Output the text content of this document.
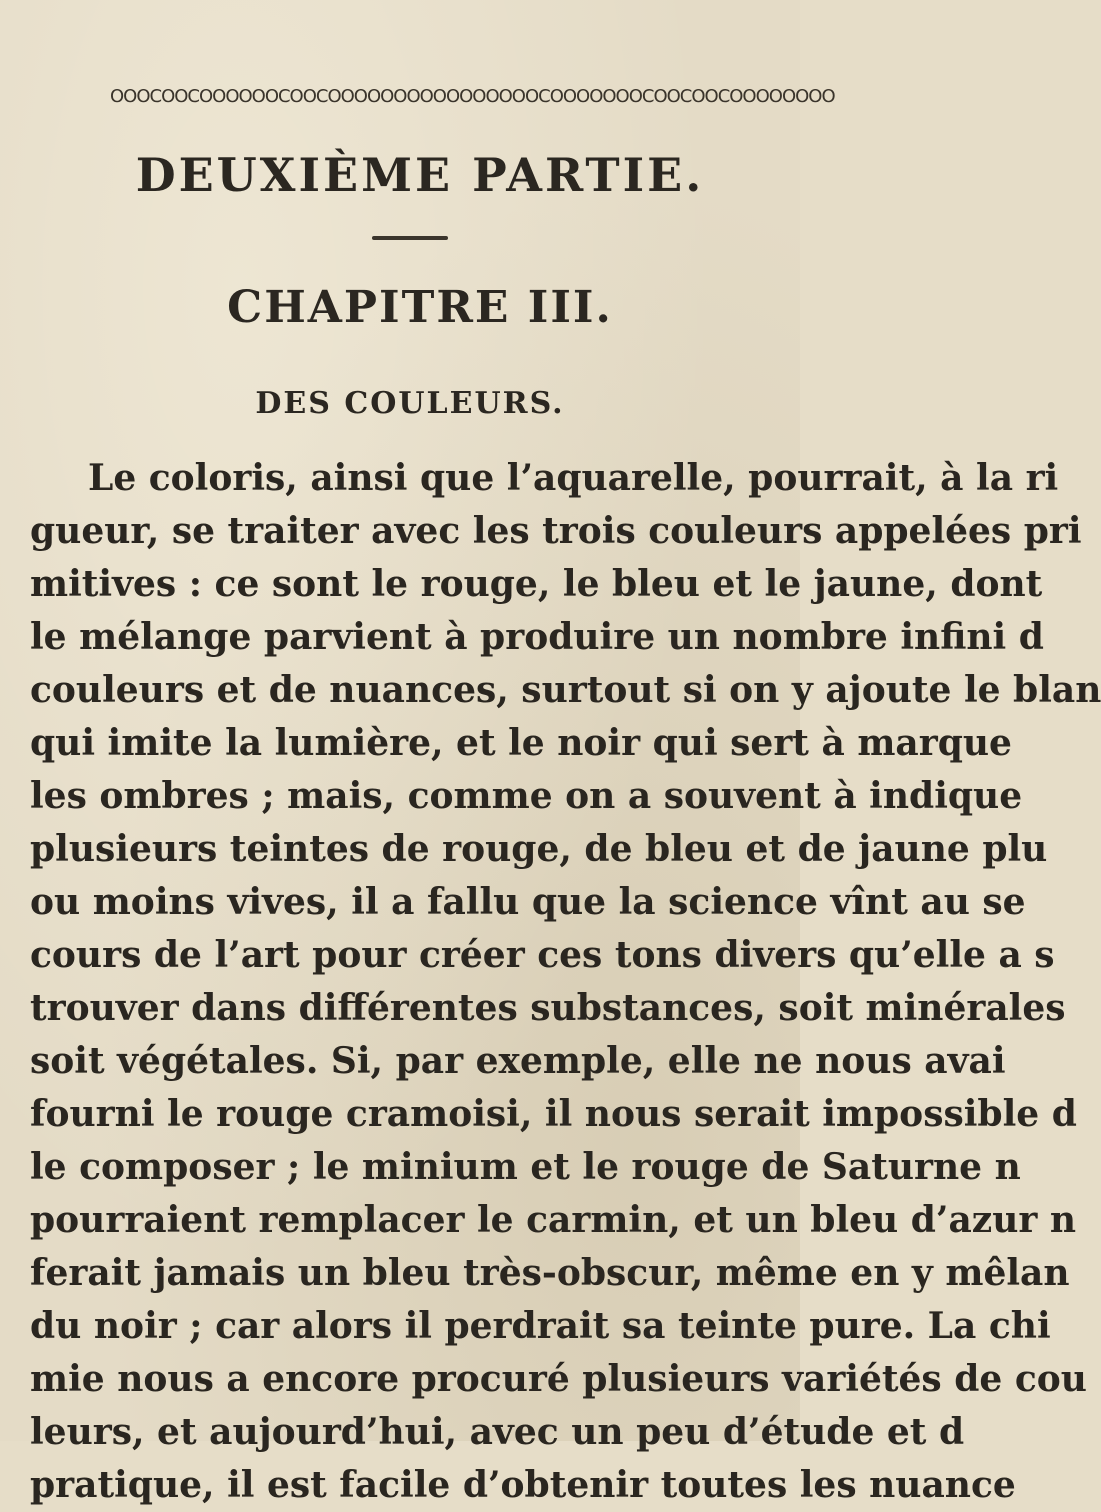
OOOCOOCOOOOOOCOOCOOOOOOOOOOOOOOOOCOOOOOOOCOOCOOCOOOOOOOO
DEUXIÈME PARTIE.
CHAPITRE III.
DES COULEURS.
Le coloris, ainsi que l’aquarelle, pourrait, à la ri
gueur, se traiter avec les trois couleurs appelées pri
mitives : ce sont le rouge, le bleu et le jaune, dont
le mélange parvient à produire un nombre infini d
couleurs et de nuances, surtout si on y ajoute le blan
qui imite la lumière, et le noir qui sert à marque
les ombres ; mais, comme on a souvent à indique
plusieurs teintes de rouge, de bleu et de jaune plu
ou moins vives, il a fallu que la science vînt au se
cours de l’art pour créer ces tons divers qu’elle a s
trouver dans différentes substances, soit minérales
soit végétales. Si, par exemple, elle ne nous avai
fourni le rouge cramoisi, il nous serait impossible d
le composer ; le minium et le rouge de Saturne n
pourraient remplacer le carmin, et un bleu d’azur n
ferait jamais un bleu très-obscur, même en y mêlan
du noir ; car alors il perdrait sa teinte pure. La chi
mie nous a encore procuré plusieurs variétés de cou
leurs, et aujourd’hui, avec un peu d’étude et d
pratique, il est facile d’obtenir toutes les nuance
